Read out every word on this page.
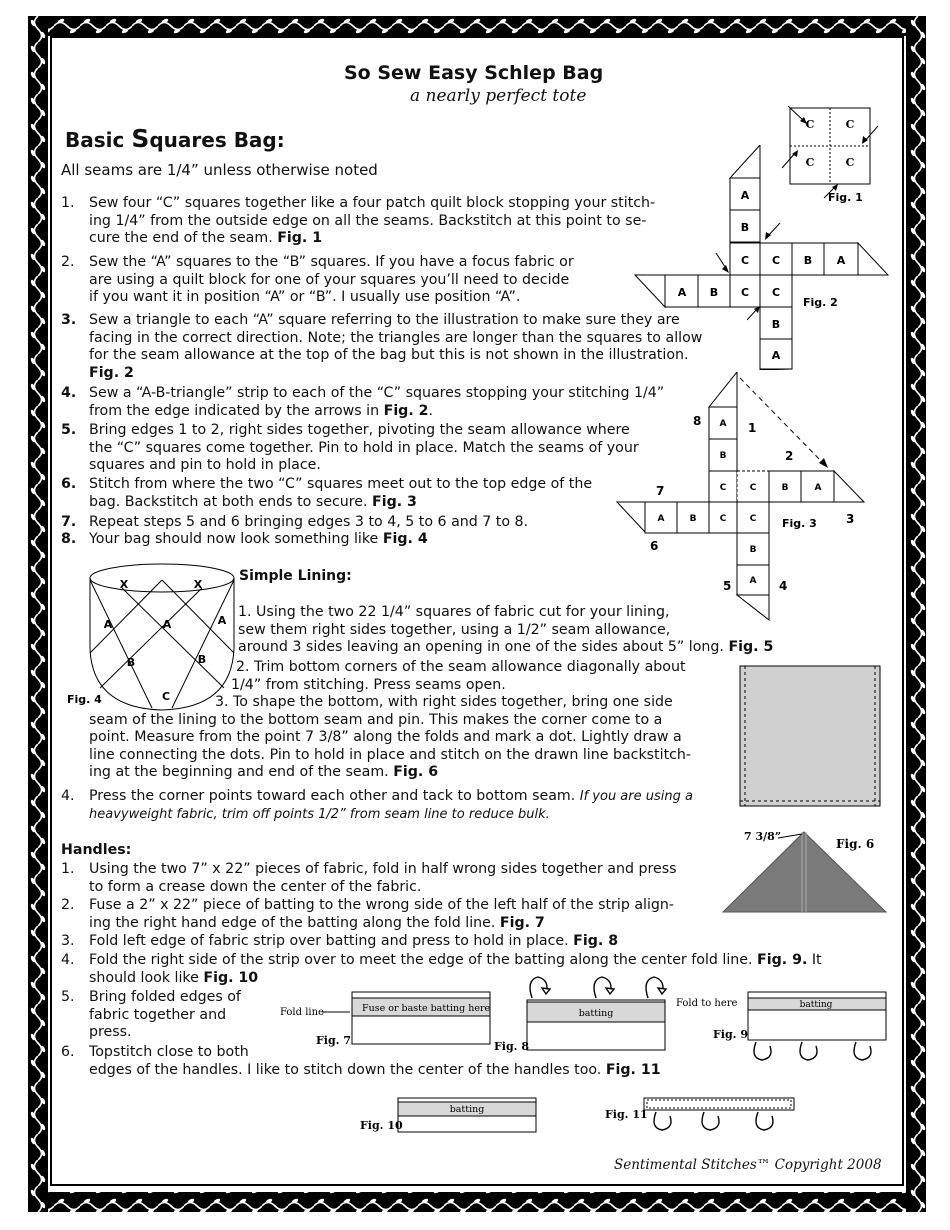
So Sew Easy Schlep Bag
a nearly perfect tote
Basic Squares Bag:
All seams are 1/4” unless otherwise noted
1. Sew four “C” squares together like a four patch quilt block stopping your stitch-
ing 1/4” from the outside edge on all the seams. Backstitch at this point to se-
cure the end of the seam. Fig. 1
2. Sew the “A” squares to the “B” squares. If you have a focus fabric or
are using a quilt block for one of your squares you’ll need to decide
if you want it in position “A” or “B”. I usually use position “A”.
3. Sew a triangle to each “A” square referring to the illustration to make sure they are
facing in the correct direction. Note; the triangles are longer than the squares to allow
for the seam allowance at the top of the bag but this is not shown in the illustration.
Fig. 2
4. Sew a “A-B-triangle” strip to each of the “C” squares stopping your stitching 1/4”
from the edge indicated by the arrows in Fig. 2.
5. Bring edges 1 to 2, right sides together, pivoting the seam allowance where
the “C” squares come together. Pin to hold in place. Match the seams of your
squares and pin to hold in place.
6. Stitch from where the two “C” squares meet out to the top edge of the
bag. Backstitch at both ends to secure. Fig. 3
7. Repeat steps 5 and 6 bringing edges 3 to 4, 5 to 6 and 7 to 8.
8. Your bag should now look something like Fig. 4
C	C
C	C
Fig. 1
A
B
C
C
B
A
C B A
A B C
Fig. 2
A
B
C	C
B
A
C
B	A
A	B	C
1
2
3
4
5
6
7
8
Fig. 3
X	X
A	A	A
B	B
C
Fig. 4
Simple Lining:
1. Using the two 22 1/4” squares of fabric cut for your lining,
sew them right sides together, using a 1/2” seam allowance,
around 3 sides leaving an opening in one of the sides about 5” long. Fig. 5
2. Trim bottom corners of the seam allowance diagonally about
1/4” from stitching. Press seams open.
3. To shape the bottom, with right sides together, bring one side
seam of the lining to the bottom seam and pin. This makes the corner come to a
point. Measure from the point 7 3/8” along the folds and mark a dot. Lightly draw a
line connecting the dots. Pin to hold in place and stitch on the drawn line backstitch-
ing at the beginning and end of the seam. Fig. 6
4. Press the corner points toward each other and tack to bottom seam. If you are using a
heavyweight fabric, trim off points 1/2” from seam line to reduce bulk.
7 3/8”
Fig. 6
Handles:
1. Using the two 7” x 22” pieces of fabric, fold in half wrong sides together and press
to form a crease down the center of the fabric.
2. Fuse a 2” x 22” piece of batting to the wrong side of the left half of the strip align-
ing the right hand edge of the batting along the fold line. Fig. 7
3. Fold left edge of fabric strip over batting and press to hold in place. Fig. 8
4. Fold the right side of the strip over to meet the edge of the batting along the center fold line. Fig. 9. It
should look like Fig. 10
5. Bring folded edges of
fabric together and
press.
6. Topstitch close to both
edges of the handles. I like to stitch down the center of the handles too. Fig. 11
Fold line	Fuse or baste batting here
Fig. 7
batting
Fig. 8
Fold to here	batting
Fig. 9
batting
Fig. 10
Fig. 11
Sentimental Stitches™ Copyright 2008
